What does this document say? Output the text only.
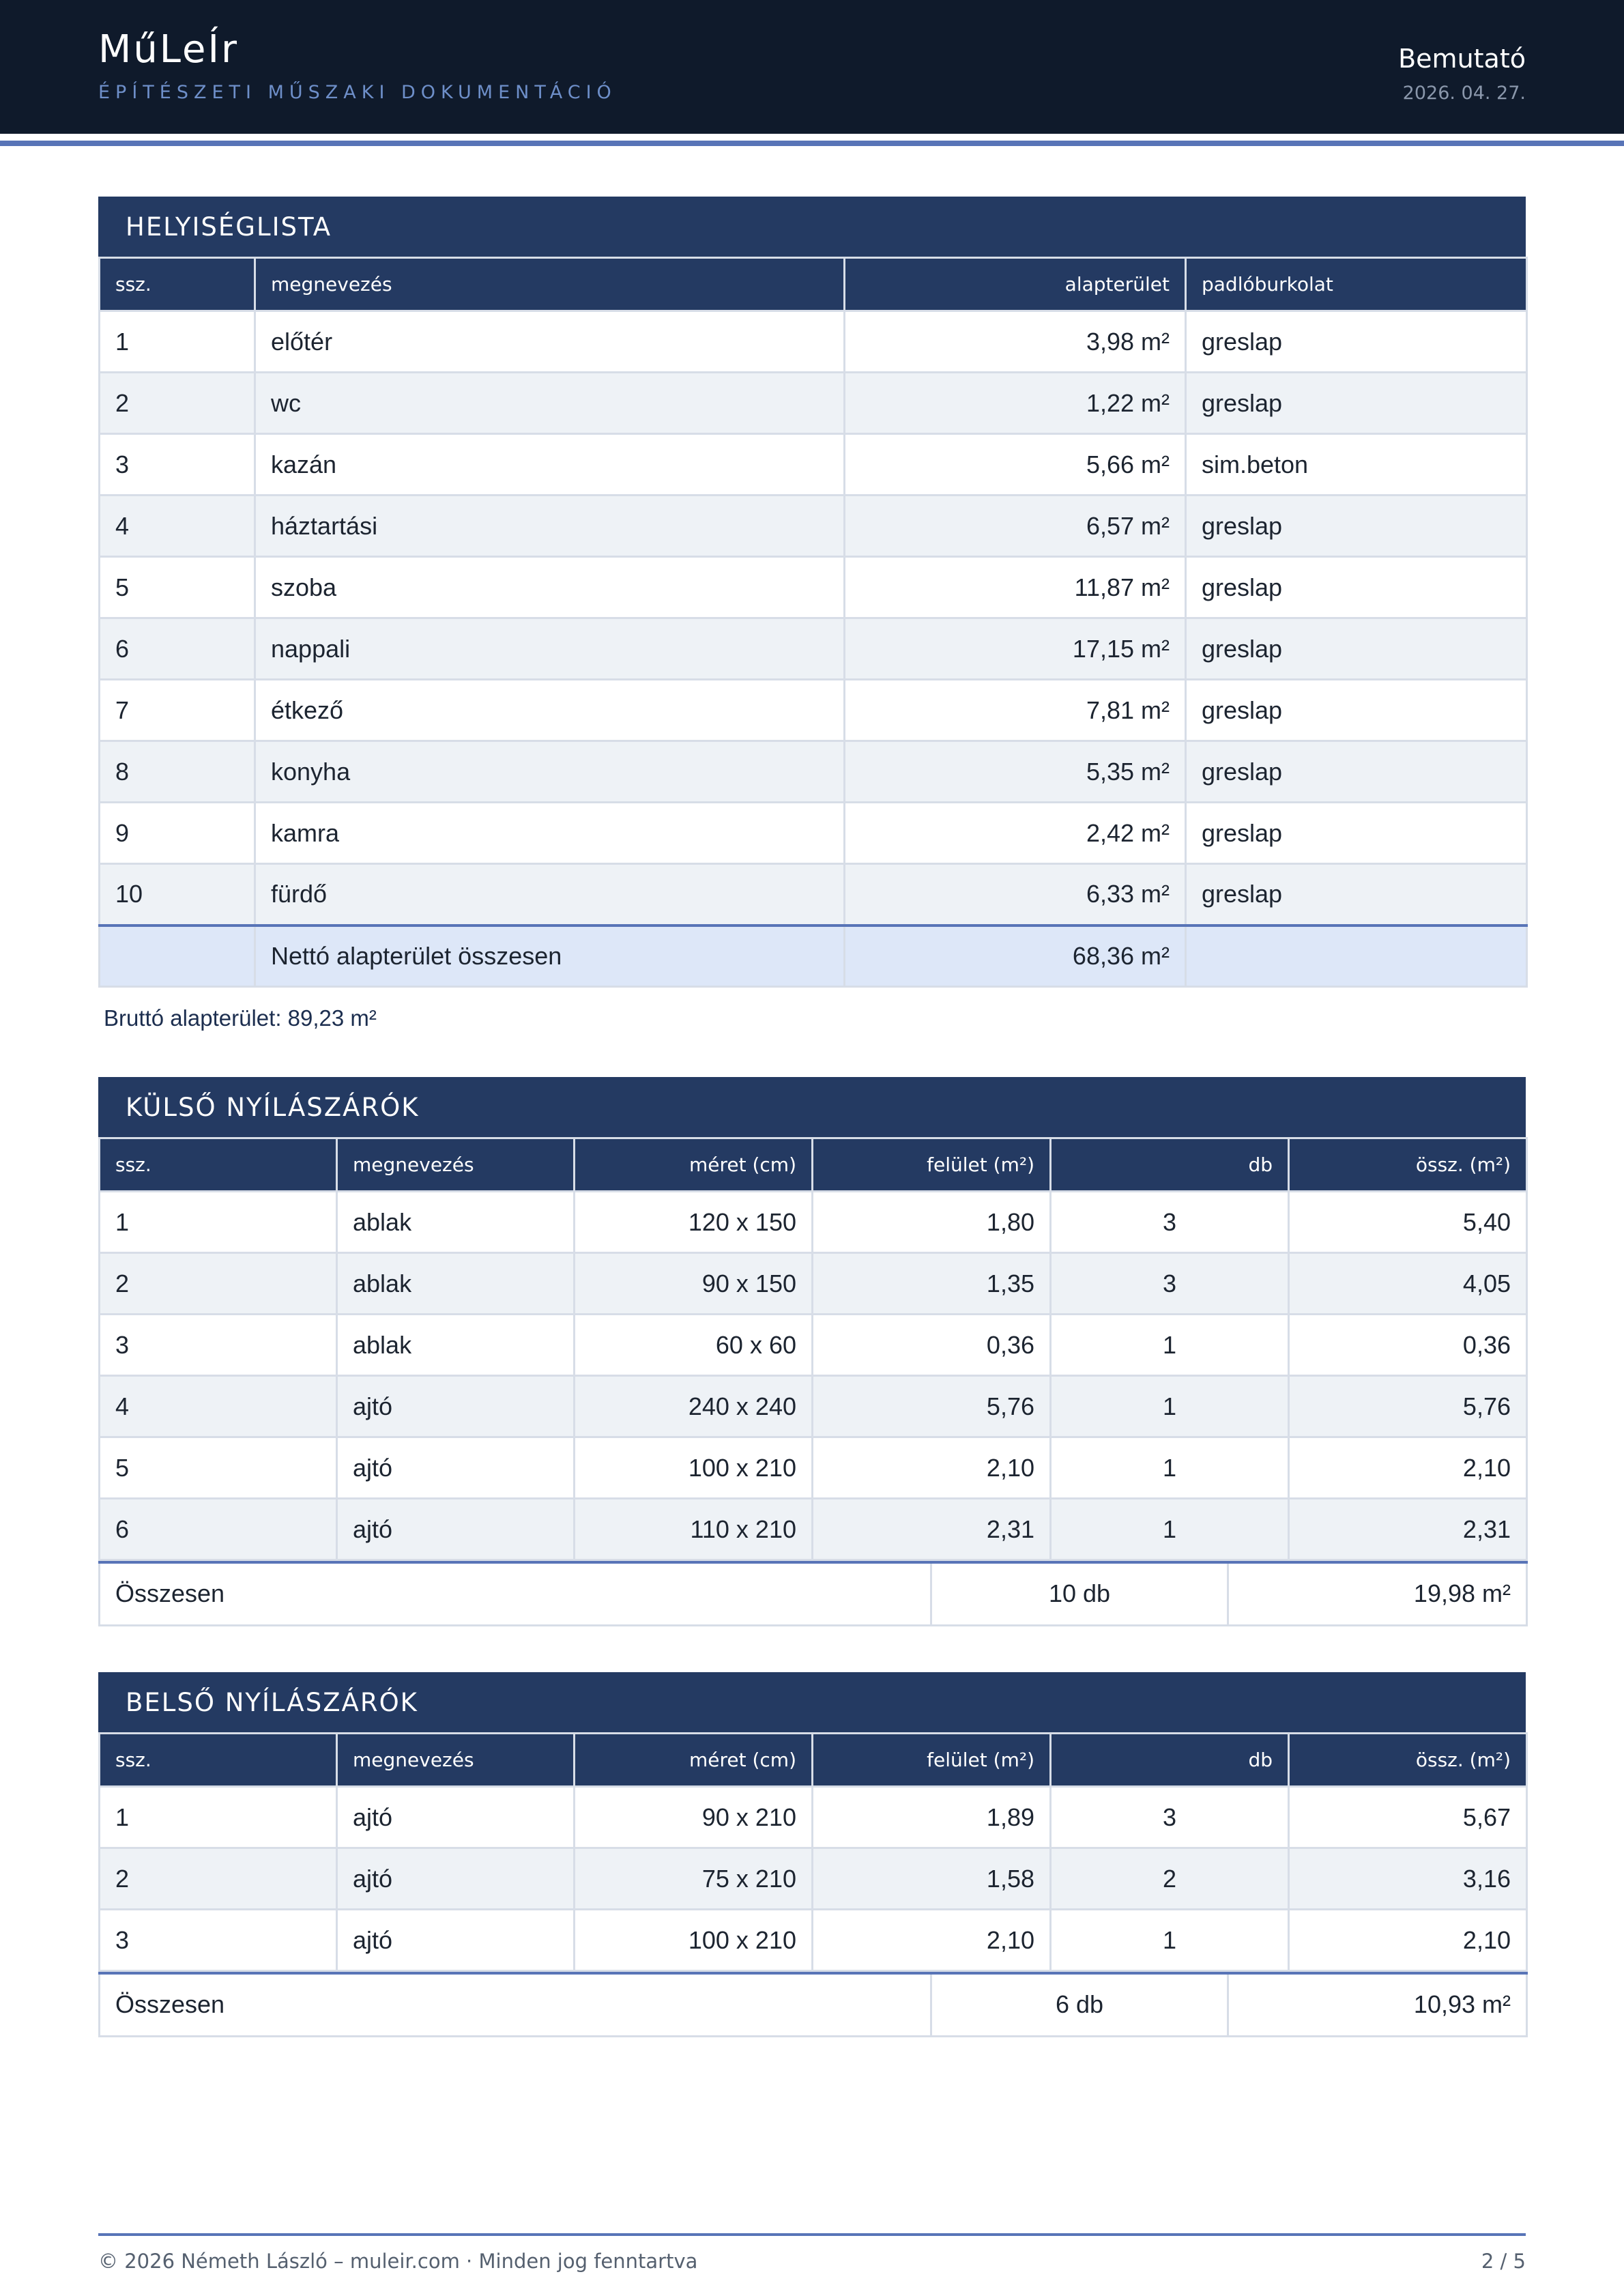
MűLeÍr
ÉPÍTÉSZETI MŰSZAKI DOKUMENTÁCIÓ
Bemutató
2026. 04. 27.
HELYISÉGLISTA
ssz.	megnevezés	alapterület	padlóburkolat
1	előtér	3,98 m²	greslap
2	wc	1,22 m²	greslap
3	kazán	5,66 m²	sim.beton
4	háztartási	6,57 m²	greslap
5	szoba	11,87 m²	greslap
6	nappali	17,15 m²	greslap
7	étkező	7,81 m²	greslap
8	konyha	5,35 m²	greslap
9	kamra	2,42 m²	greslap
10	fürdő	6,33 m²	greslap
	Nettó alapterület összesen	68,36 m²	
Bruttó alapterület: 89,23 m²
KÜLSŐ NYÍLÁSZÁRÓK
ssz.	megnevezés	méret (cm)	felület (m²)	db	össz. (m²)
1	ablak	120 x 150	1,80	3	5,40
2	ablak	90 x 150	1,35	3	4,05
3	ablak	60 x 60	0,36	1	0,36
4	ajtó	240 x 240	5,76	1	5,76
5	ajtó	100 x 210	2,10	1	2,10
6	ajtó	110 x 210	2,31	1	2,31
Összesen	10 db	19,98 m²
BELSŐ NYÍLÁSZÁRÓK
ssz.	megnevezés	méret (cm)	felület (m²)	db	össz. (m²)
1	ajtó	90 x 210	1,89	3	5,67
2	ajtó	75 x 210	1,58	2	3,16
3	ajtó	100 x 210	2,10	1	2,10
Összesen	6 db	10,93 m²
© 2026 Németh László – muleir.com · Minden jog fenntartva	2 / 5
